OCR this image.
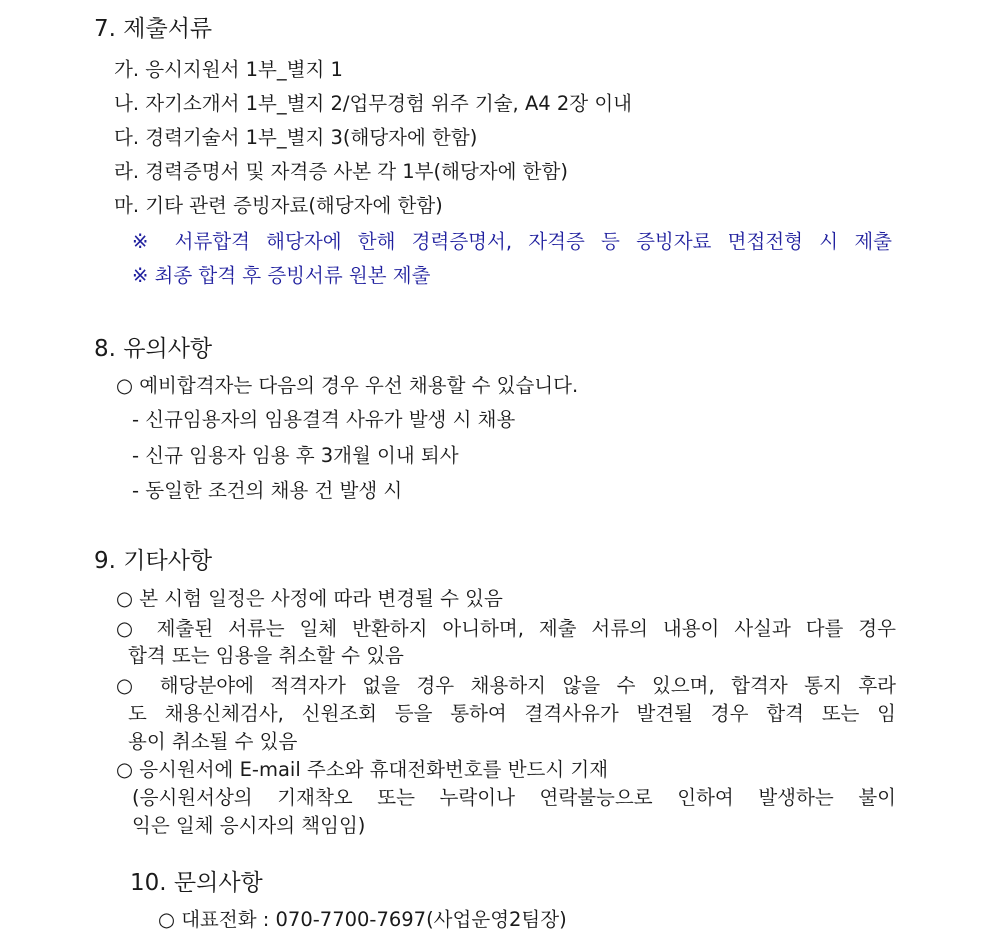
7. 제출서류
가. 응시지원서 1부_별지 1
나. 자기소개서 1부_별지 2/업무경험 위주 기술, A4 2장 이내
다. 경력기술서 1부_별지 3(해당자에 한함)
라. 경력증명서 및 자격증 사본 각 1부(해당자에 한함)
마. 기타 관련 증빙자료(해당자에 한함)
※ 서류합격 해당자에 한해 경력증명서, 자격증 등 증빙자료 면접전형 시 제출
※ 최종 합격 후 증빙서류 원본 제출
8. 유의사항
○ 예비합격자는 다음의 경우 우선 채용할 수 있습니다.
- 신규임용자의 임용결격 사유가 발생 시 채용
- 신규 임용자 임용 후 3개월 이내 퇴사
- 동일한 조건의 채용 건 발생 시
9. 기타사항
○ 본 시험 일정은 사정에 따라 변경될 수 있음
○ 제출된 서류는 일체 반환하지 아니하며, 제출 서류의 내용이 사실과 다를 경우
합격 또는 임용을 취소할 수 있음
○ 해당분야에 적격자가 없을 경우 채용하지 않을 수 있으며, 합격자 통지 후라
도 채용신체검사, 신원조회 등을 통하여 결격사유가 발견될 경우 합격 또는 임
용이 취소될 수 있음
○ 응시원서에 E-mail 주소와 휴대전화번호를 반드시 기재
(응시원서상의 기재착오 또는 누락이나 연락불능으로 인하여 발생하는 불이
익은 일체 응시자의 책임임)
10. 문의사항
○ 대표전화 : 070-7700-7697(사업운영2팀장)
